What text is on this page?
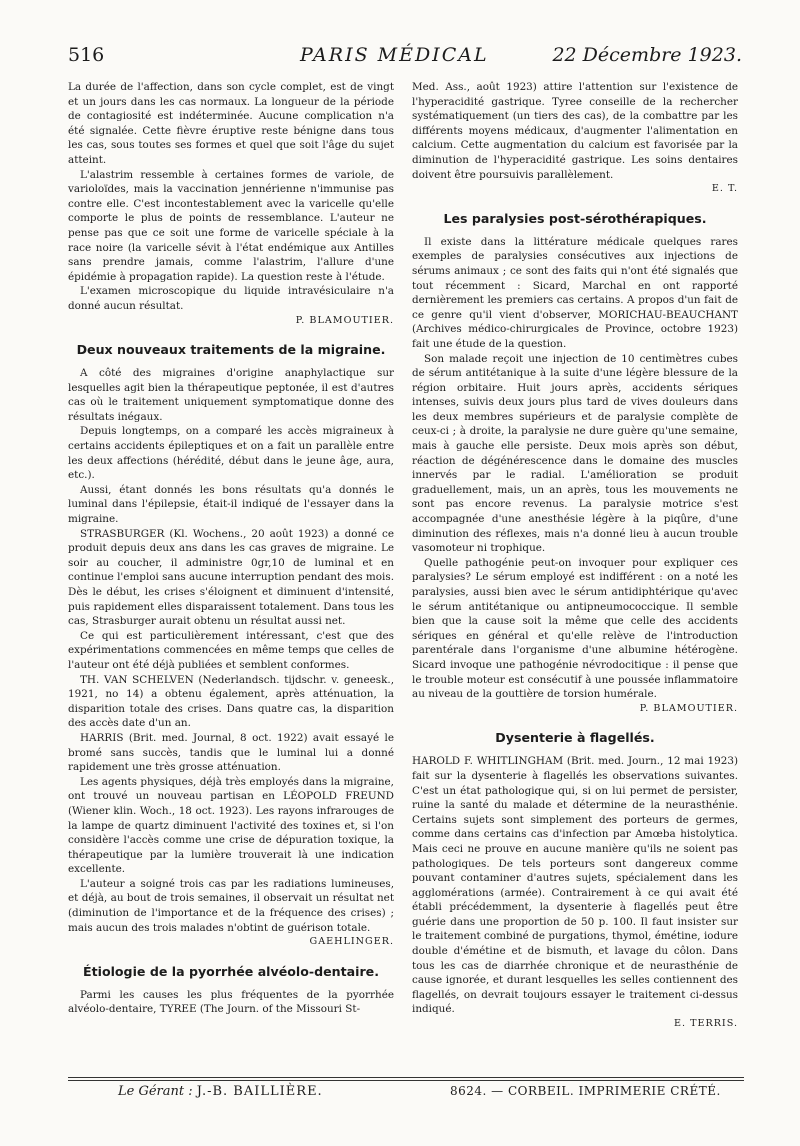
516	PARIS MÉDICAL	22 Décembre 1923.

La durée de l'affection, dans son cycle complet, est de vingt et un jours dans les cas normaux. La longueur de la période de contagiosité est indéterminée. Aucune complication n'a été signalée. Cette fièvre éruptive reste bénigne dans tous les cas, sous toutes ses formes et quel que soit l'âge du sujet atteint.

L'alastrim ressemble à certaines formes de variole, de varioloïdes, mais la vaccination jennérienne n'immunise pas contre elle. C'est incontestablement avec la varicelle qu'elle comporte le plus de points de ressemblance. L'auteur ne pense pas que ce soit une forme de varicelle spéciale à la race noire (la varicelle sévit à l'état endémique aux Antilles sans prendre jamais, comme l'alastrim, l'allure d'une épidémie à propagation rapide). La question reste à l'étude.

L'examen microscopique du liquide intravésiculaire n'a donné aucun résultat.

P. BLAMOUTIER.

Deux nouveaux traitements de la migraine.

A côté des migraines d'origine anaphylactique sur lesquelles agit bien la thérapeutique peptonée, il est d'autres cas où le traitement uniquement symptomatique donne des résultats inégaux.

Depuis longtemps, on a comparé les accès migraineux à certains accidents épileptiques et on a fait un parallèle entre les deux affections (hérédité, début dans le jeune âge, aura, etc.).

Aussi, étant donnés les bons résultats qu'a donnés le luminal dans l'épilepsie, était-il indiqué de l'essayer dans la migraine.

STRASBURGER (Kl. Wochens., 20 août 1923) a donné ce produit depuis deux ans dans les cas graves de migraine. Le soir au coucher, il administre 0gr,10 de luminal et en continue l'emploi sans aucune interruption pendant des mois. Dès le début, les crises s'éloignent et diminuent d'intensité, puis rapidement elles disparaissent totalement. Dans tous les cas, Strasburger aurait obtenu un résultat aussi net.

Ce qui est particulièrement intéressant, c'est que des expérimentations commencées en même temps que celles de l'auteur ont été déjà publiées et semblent conformes.

TH. VAN SCHELVEN (Nederlandsch. tijdschr. v. geneesk., 1921, no 14) a obtenu également, après atténuation, la disparition totale des crises. Dans quatre cas, la disparition des accès date d'un an.

HARRIS (Brit. med. Journal, 8 oct. 1922) avait essayé le bromé sans succès, tandis que le luminal lui a donné rapidement une très grosse atténuation.

Les agents physiques, déjà très employés dans la migraine, ont trouvé un nouveau partisan en LÉOPOLD FREUND (Wiener klin. Woch., 18 oct. 1923). Les rayons infrarouges de la lampe de quartz diminuent l'activité des toxines et, si l'on considère l'accès comme une crise de dépuration toxique, la thérapeutique par la lumière trouverait là une indication excellente.

L'auteur a soigné trois cas par les radiations lumineuses, et déjà, au bout de trois semaines, il observait un résultat net (diminution de l'importance et de la fréquence des crises) ; mais aucun des trois malades n'obtint de guérison totale.

GAEHLINGER.

Étiologie de la pyorrhée alvéolo-dentaire.

Parmi les causes les plus fréquentes de la pyorrhée alvéolo-dentaire, TYREE (The Journ. of the Missouri St-

Med. Ass., août 1923) attire l'attention sur l'existence de l'hyperacidité gastrique. Tyree conseille de la rechercher systématiquement (un tiers des cas), de la combattre par les différents moyens médicaux, d'augmenter l'alimentation en calcium. Cette augmentation du calcium est favorisée par la diminution de l'hyperacidité gastrique. Les soins dentaires doivent être poursuivis parallèlement.

E. T.

Les paralysies post-sérothérapiques.

Il existe dans la littérature médicale quelques rares exemples de paralysies consécutives aux injections de sérums animaux ; ce sont des faits qui n'ont été signalés que tout récemment : Sicard, Marchal en ont rapporté dernièrement les premiers cas certains. A propos d'un fait de ce genre qu'il vient d'observer, MORICHAU-BEAUCHANT (Archives médico-chirurgicales de Province, octobre 1923) fait une étude de la question.

Son malade reçoit une injection de 10 centimètres cubes de sérum antitétanique à la suite d'une légère blessure de la région orbitaire. Huit jours après, accidents sériques intenses, suivis deux jours plus tard de vives douleurs dans les deux membres supérieurs et de paralysie complète de ceux-ci ; à droite, la paralysie ne dure guère qu'une semaine, mais à gauche elle persiste. Deux mois après son début, réaction de dégénérescence dans le domaine des muscles innervés par le radial. L'amélioration se produit graduellement, mais, un an après, tous les mouvements ne sont pas encore revenus. La paralysie motrice s'est accompagnée d'une anesthésie légère à la piqûre, d'une diminution des réflexes, mais n'a donné lieu à aucun trouble vasomoteur ni trophique.

Quelle pathogénie peut-on invoquer pour expliquer ces paralysies? Le sérum employé est indifférent : on a noté les paralysies, aussi bien avec le sérum antidiphtérique qu'avec le sérum antitétanique ou antipneumococcique. Il semble bien que la cause soit la même que celle des accidents sériques en général et qu'elle relève de l'introduction parentérale dans l'organisme d'une albumine hétérogène. Sicard invoque une pathogénie névrodocitique : il pense que le trouble moteur est consécutif à une poussée inflammatoire au niveau de la gouttière de torsion humérale.

P. BLAMOUTIER.

Dysenterie à flagellés.

HAROLD F. WHITLINGHAM (Brit. med. Journ., 12 mai 1923) fait sur la dysenterie à flagellés les observations suivantes. C'est un état pathologique qui, si on lui permet de persister, ruine la santé du malade et détermine de la neurasthénie. Certains sujets sont simplement des porteurs de germes, comme dans certains cas d'infection par Amœba histolytica. Mais ceci ne prouve en aucune manière qu'ils ne soient pas pathologiques. De tels porteurs sont dangereux comme pouvant contaminer d'autres sujets, spécialement dans les agglomérations (armée). Contrairement à ce qui avait été établi précédemment, la dysenterie à flagellés peut être guérie dans une proportion de 50 p. 100. Il faut insister sur le traitement combiné de purgations, thymol, émétine, iodure double d'émétine et de bismuth, et lavage du côlon. Dans tous les cas de diarrhée chronique et de neurasthénie de cause ignorée, et durant lesquelles les selles contiennent des flagellés, on devrait toujours essayer le traitement ci-dessus indiqué.

E. TERRIS.

Le Gérant : J.-B. BAILLIÈRE.	8624. — CORBEIL. IMPRIMERIE CRÉTÉ.
